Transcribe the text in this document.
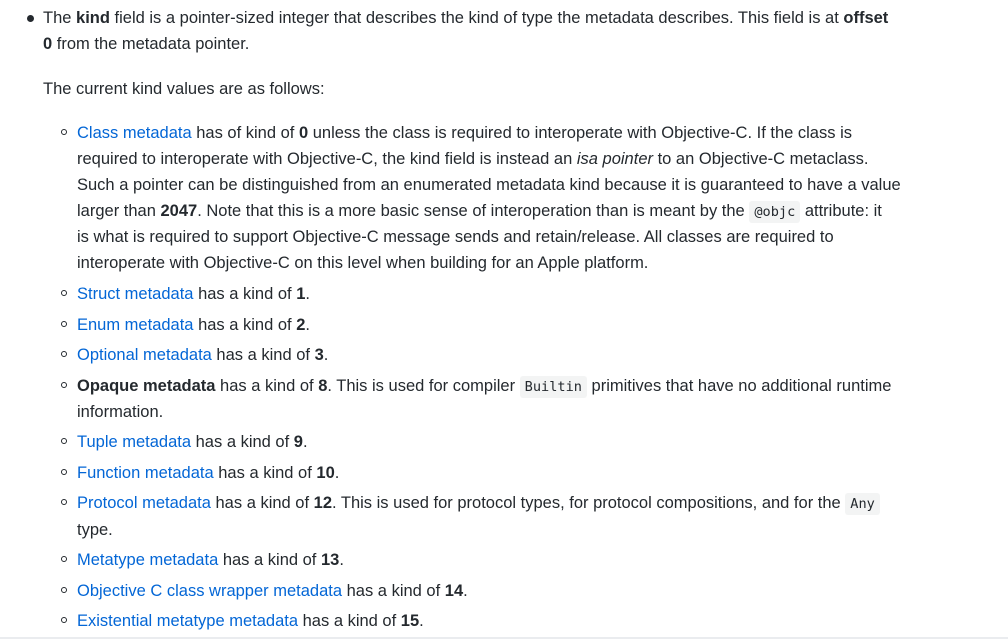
The kind field is a pointer-sized integer that describes the kind of type the metadata describes. This field is at offset
0 from the metadata pointer.
The current kind values are as follows:
Class metadata has of kind of 0 unless the class is required to interoperate with Objective-C. If the class is
required to interoperate with Objective-C, the kind field is instead an isa pointer to an Objective-C metaclass.
Such a pointer can be distinguished from an enumerated metadata kind because it is guaranteed to have a value
larger than 2047. Note that this is a more basic sense of interoperation than is meant by the @objc attribute: it
is what is required to support Objective-C message sends and retain/release. All classes are required to
interoperate with Objective-C on this level when building for an Apple platform.
Struct metadata has a kind of 1.
Enum metadata has a kind of 2.
Optional metadata has a kind of 3.
Opaque metadata has a kind of 8. This is used for compiler Builtin primitives that have no additional runtime
information.
Tuple metadata has a kind of 9.
Function metadata has a kind of 10.
Protocol metadata has a kind of 12. This is used for protocol types, for protocol compositions, and for the Any
type.
Metatype metadata has a kind of 13.
Objective C class wrapper metadata has a kind of 14.
Existential metatype metadata has a kind of 15.
